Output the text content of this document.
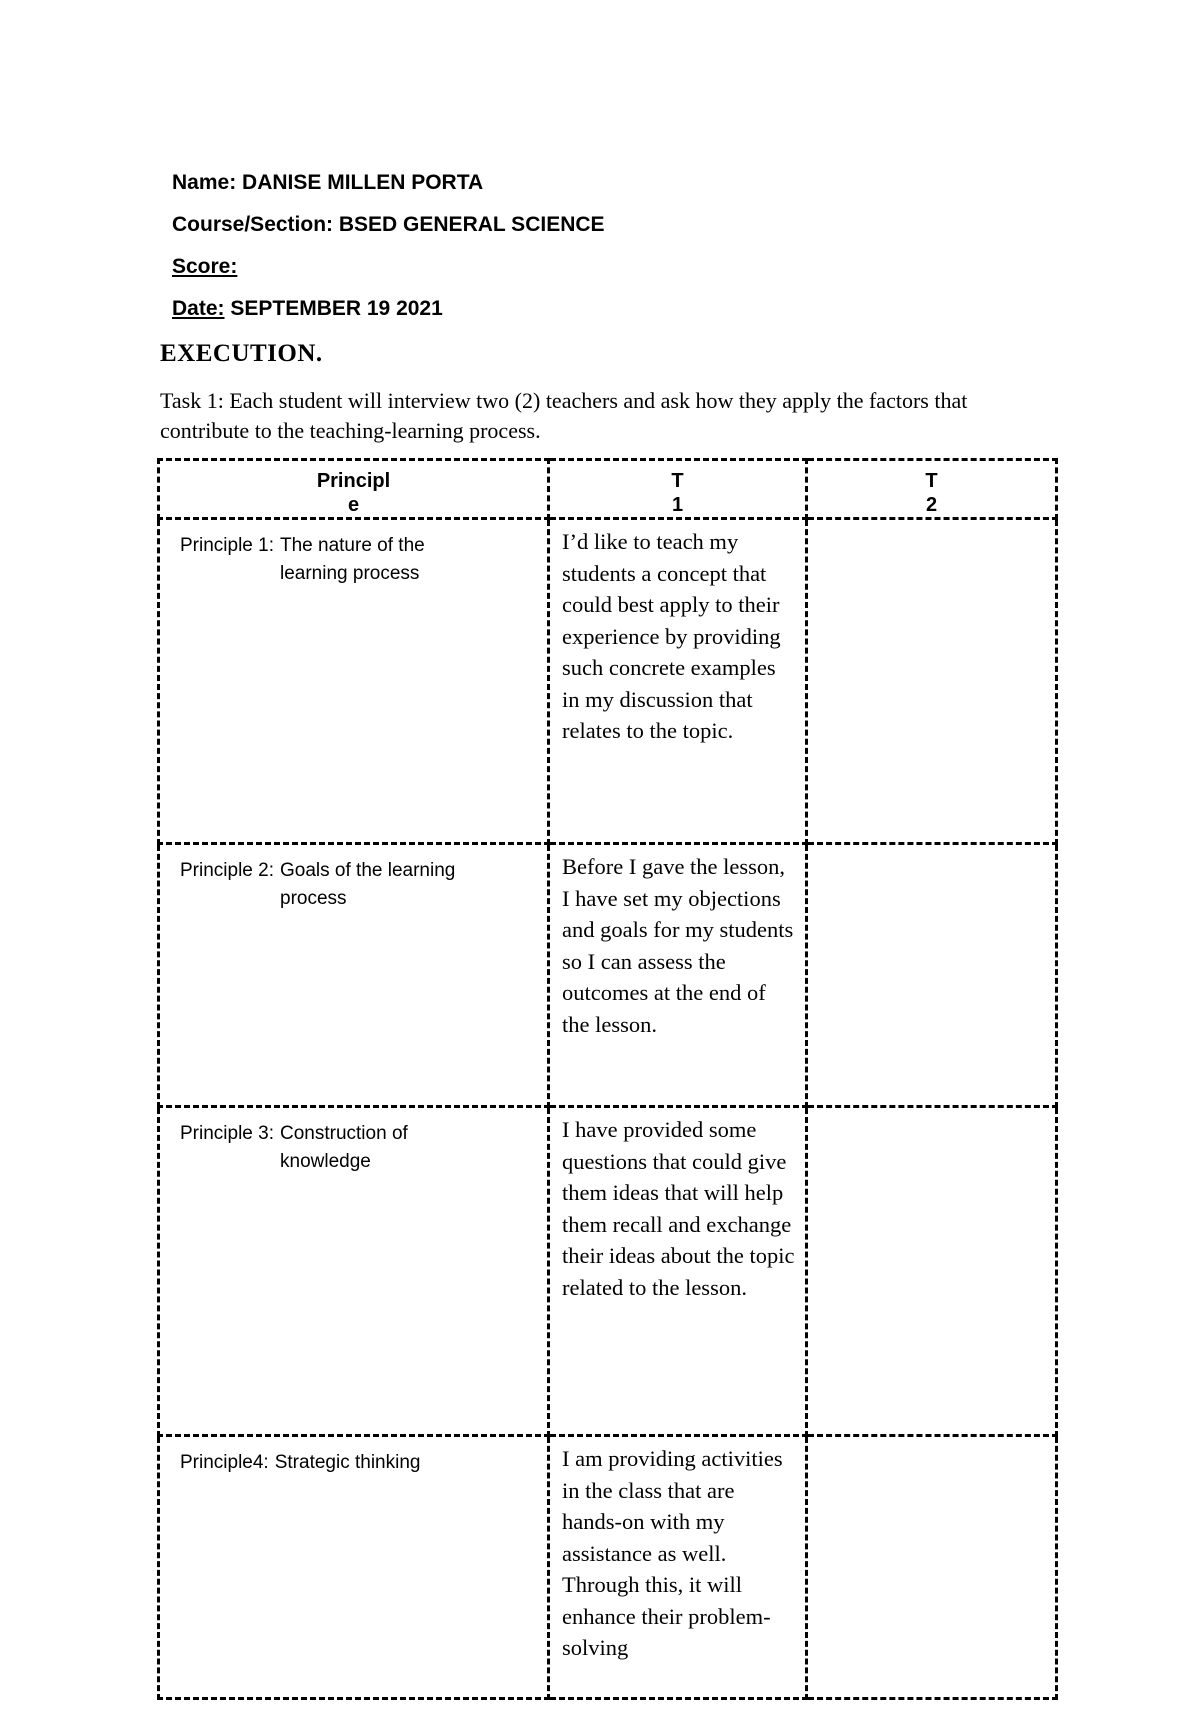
Name: DANISE MILLEN PORTA
Course/Section: BSED GENERAL SCIENCE
Score:
Date: SEPTEMBER 19 2021
EXECUTION.
Task 1: Each student will interview two (2) teachers and ask how they apply the factors that contribute to the teaching-learning process.
Principle	T1	T2

Principle 1: The nature of the learning process	I’d like to teach my students a concept that could best apply to their experience by providing such concrete examples in my discussion that relates to the topic.	

Principle 2: Goals of the learning process	Before I gave the lesson, I have set my objections and goals for my students so I can assess the outcomes at the end of the lesson.	

Principle 3: Construction of knowledge	I have provided some questions that could give them ideas that will help them recall and exchange their ideas about the topic related to the lesson.	

Principle4: Strategic thinking	I am providing activities in the class that are hands-on with my assistance as well. Through this, it will enhance their problem-solving	
